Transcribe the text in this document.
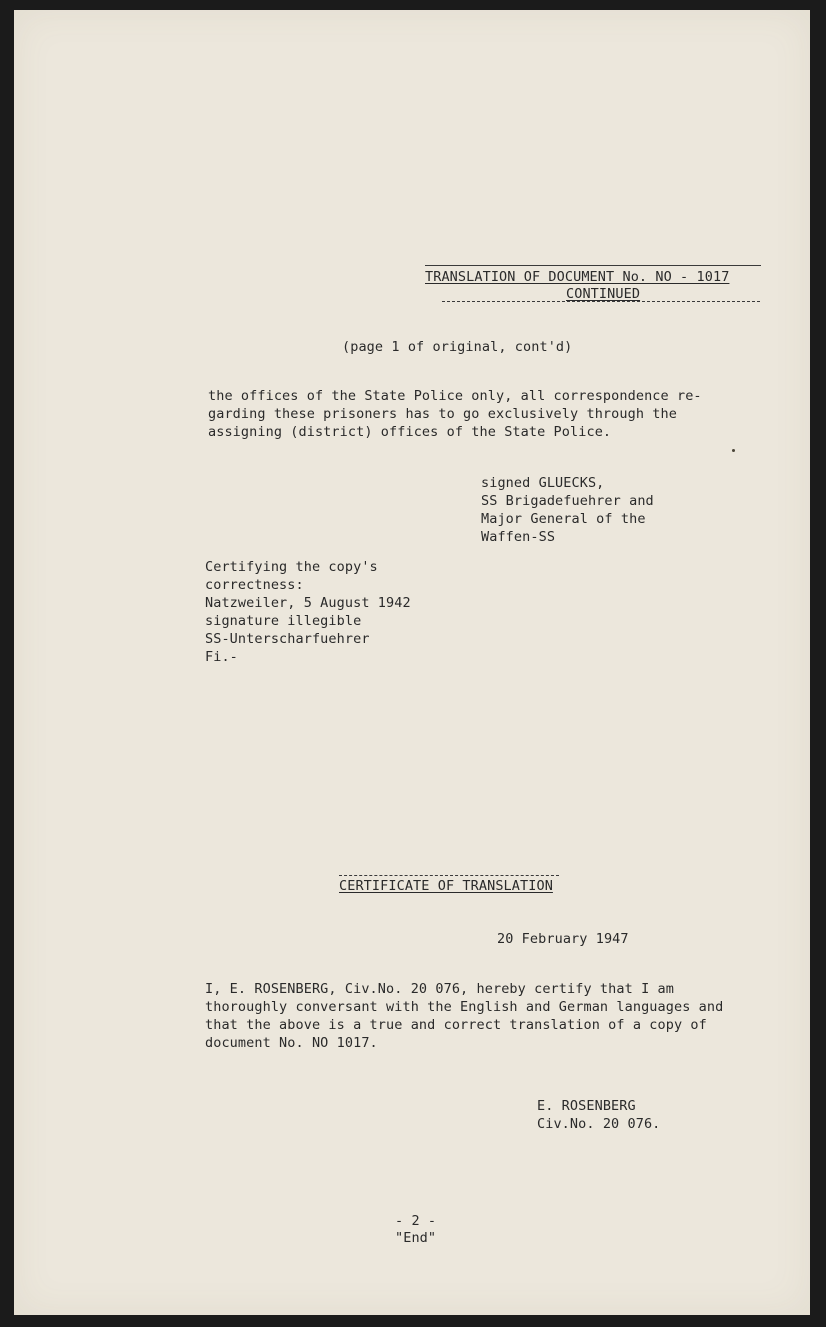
TRANSLATION OF DOCUMENT No. NO - 1017
CONTINUED
(page 1 of original, cont'd)
the offices of the State Police only, all correspondence re-
garding these prisoners has to go exclusively through the
assigning (district) offices of the State Police.
signed GLUECKS,
SS Brigadefuehrer and
Major General of the
Waffen-SS
Certifying the copy's
correctness:
Natzweiler, 5 August 1942
signature illegible
SS-Unterscharfuehrer
Fi.-
CERTIFICATE OF TRANSLATION
20 February 1947
I, E. ROSENBERG, Civ.No. 20 076, hereby certify that I am
thoroughly conversant with the English and German languages and
that the above is a true and correct translation of a copy of
document No. NO 1017.
E. ROSENBERG
Civ.No. 20 076.
- 2 -
"End"
